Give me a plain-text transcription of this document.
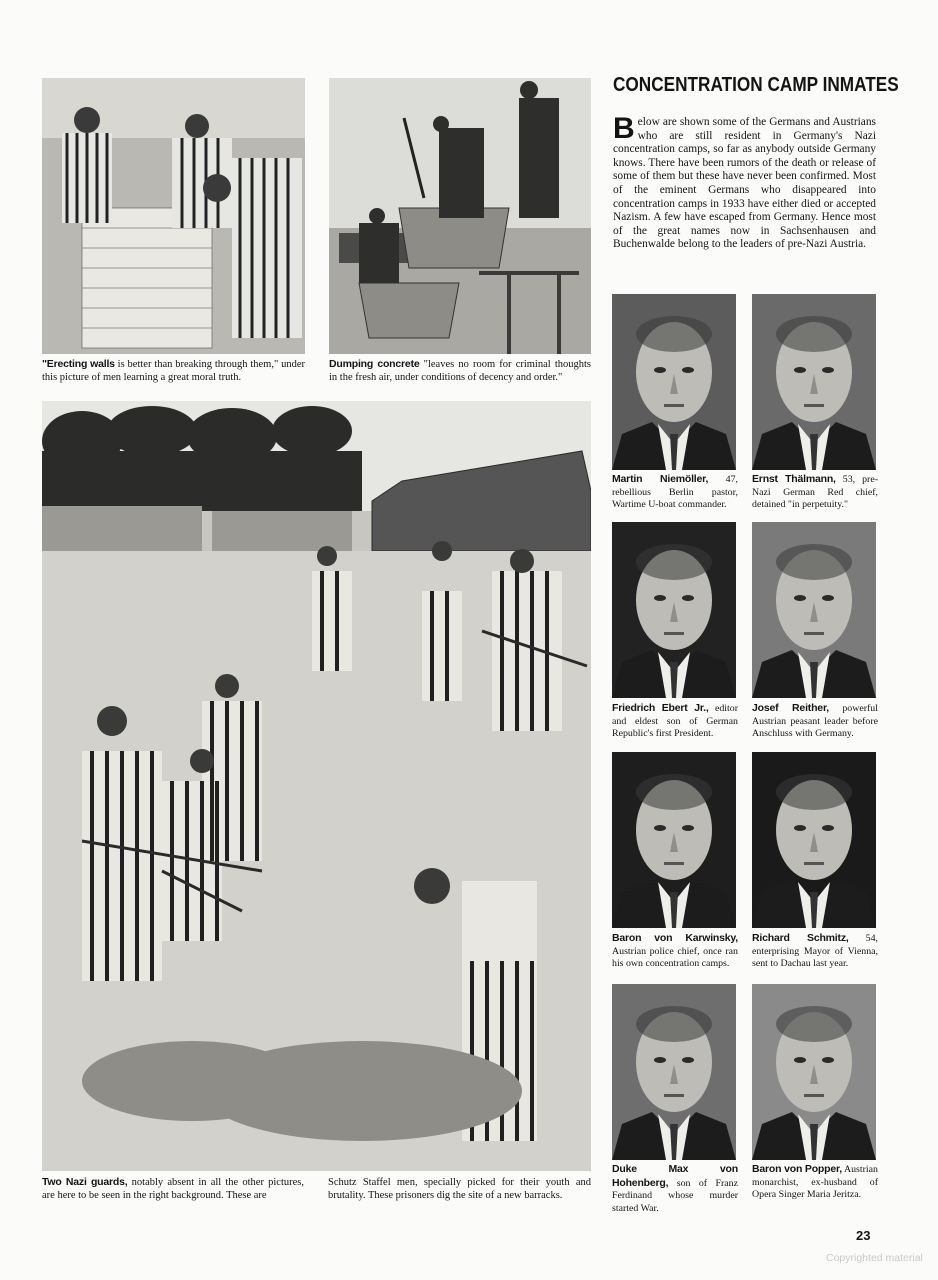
"Erecting walls is better than breaking through them," under this picture of men learning a great moral truth.
Dumping concrete "leaves no room for criminal thoughts in the fresh air, under conditions of decency and order."
Two Nazi guards, notably absent in all the other pictures, are here to be seen in the right background. These are
Schutz Staffel men, specially picked for their youth and brutality. These prisoners dig the site of a new barracks.
CONCENTRATION CAMP INMATES
Below are shown some of the Germans and Austrians who are still resident in Germany's Nazi concentration camps, so far as anybody outside Germany knows. There have been rumors of the death or release of some of them but these have never been confirmed. Most of the eminent Germans who disappeared into concentration camps in 1933 have either died or accepted Nazism. A few have escaped from Germany. Hence most of the great names now in Sachsenhausen and Buchenwalde belong to the leaders of pre-Nazi Austria.
Martin Niemöller, 47, rebellious Berlin pastor, Wartime U-boat commander.
Ernst Thälmann, 53, pre-Nazi German Red chief, detained "in perpetuity."
Friedrich Ebert Jr., editor and eldest son of German Republic's first President.
Josef Reither, powerful Austrian peasant leader before Anschluss with Germany.
Baron von Karwinsky, Austrian police chief, once ran his own concentration camps.
Richard Schmitz, 54, enterprising Mayor of Vienna, sent to Dachau last year.
Duke Max von Hohenberg, son of Franz Ferdinand whose murder started War.
Baron von Popper, Austrian monarchist, ex-husband of Opera Singer Maria Jeritza.
23
Copyrighted material
